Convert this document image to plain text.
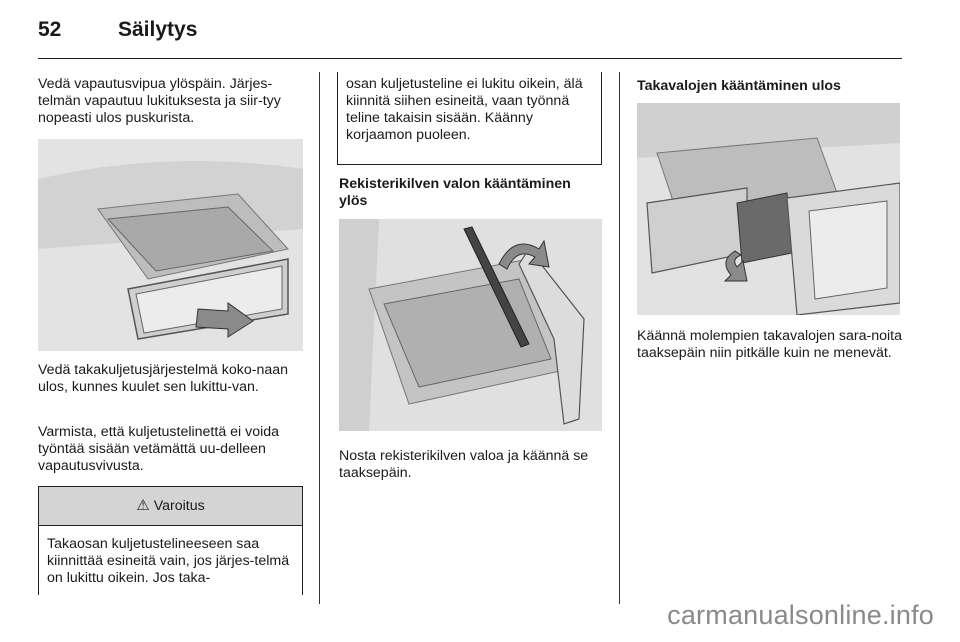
52	Säilytys

Vedä vapautusvipua ylöspäin. Järjes-telmän vapautuu lukituksesta ja siir-tyy nopeasti ulos puskurista.

Vedä takakuljetusjärjestelmä koko-naan ulos, kunnes kuulet sen lukittu-van.

Varmista, että kuljetustelinettä ei voida työntää sisään vetämättä uu-delleen vapautusvivusta.

⚠ Varoitus
Takaosan kuljetustelineeseen saa kiinnittää esineitä vain, jos järjes-telmä on lukittu oikein. Jos taka-
osan kuljetusteline ei lukitu oikein, älä kiinnitä siihen esineitä, vaan työnnä teline takaisin sisään. Käänny korjaamon puoleen.
Rekisterikilven valon kääntäminen ylös

Nosta rekisterikilven valoa ja käännä se taaksepäin.

Takavalojen kääntäminen ulos

Käännä molempien takavalojen sara-noita taaksepäin niin pitkälle kuin ne menevät.

carmanualsonline.info
